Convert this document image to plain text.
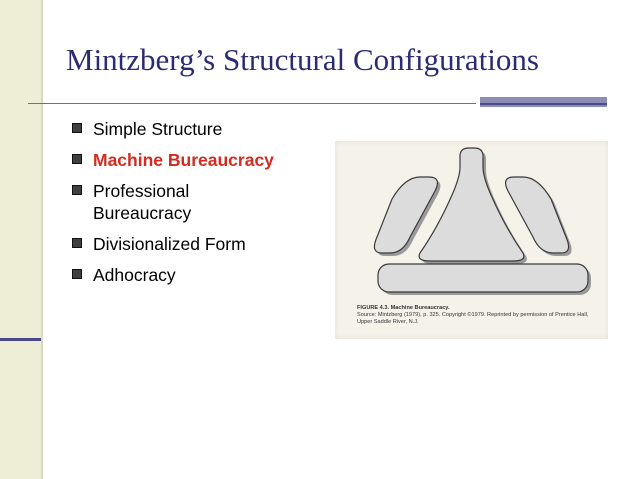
Mintzberg’s Structural Configurations
Simple Structure
Machine Bureaucracy
Professional Bureaucracy
Divisionalized Form
Adhocracy
FIGURE 4.3. Machine Bureaucracy.
Source: Mintzberg (1979), p. 325. Copyright ©1979. Reprinted by permission of Prentice Hall,
Upper Saddle River, N.J.
